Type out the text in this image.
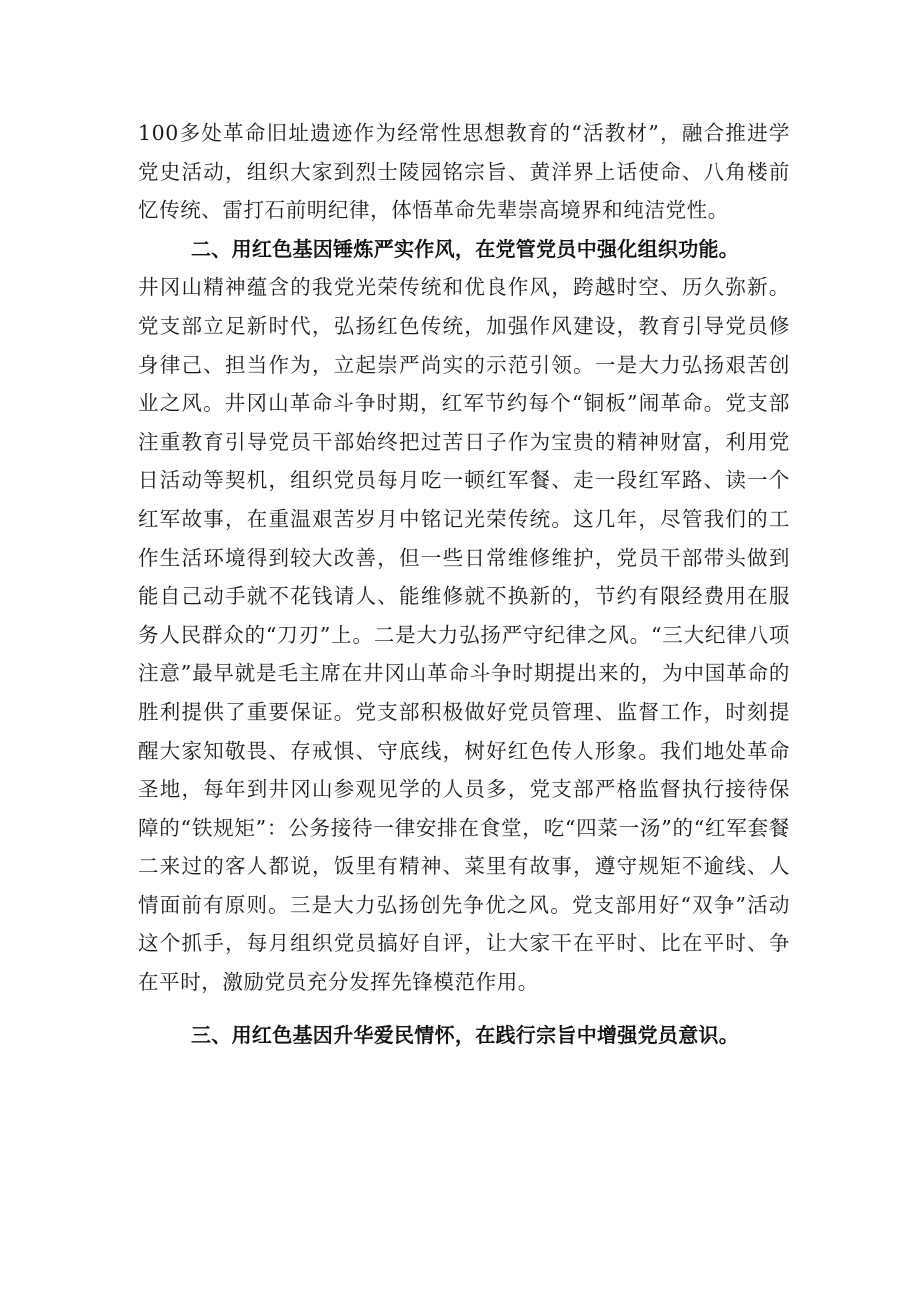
100多处革命旧址遗迹作为经常性思想教育的“活教材”，融合推进学党史活动，组织大家到烈士陵园铭宗旨、黄洋界上话使命、八角楼前忆传统、雷打石前明纪律，体悟革命先辈崇高境界和纯洁党性。

二、用红色基因锤炼严实作风，在党管党员中强化组织功能。

井冈山精神蕴含的我党光荣传统和优良作风，跨越时空、历久弥新。党支部立足新时代，弘扬红色传统，加强作风建设，教育引导党员修身律己、担当作为，立起崇严尚实的示范引领。一是大力弘扬艰苦创业之风。井冈山革命斗争时期，红军节约每个“铜板”闹革命。党支部注重教育引导党员干部始终把过苦日子作为宝贵的精神财富，利用党日活动等契机，组织党员每月吃一顿红军餐、走一段红军路、读一个红军故事，在重温艰苦岁月中铭记光荣传统。这几年，尽管我们的工作生活环境得到较大改善，但一些日常维修维护，党员干部带头做到能自己动手就不花钱请人、能维修就不换新的，节约有限经费用在服务人民群众的“刀刃”上。二是大力弘扬严守纪律之风。“三大纪律八项注意”最早就是毛主席在井冈山革命斗争时期提出来的，为中国革命的胜利提供了重要保证。党支部积极做好党员管理、监督工作，时刻提醒大家知敬畏、存戒惧、守底线，树好红色传人形象。我们地处革命圣地，每年到井冈山参观见学的人员多，党支部严格监督执行接待保障的“铁规矩”：公务接待一律安排在食堂，吃“四菜一汤”的“红军套餐二来过的客人都说，饭里有精神、菜里有故事，遵守规矩不逾线、人情面前有原则。三是大力弘扬创先争优之风。党支部用好“双争”活动这个抓手，每月组织党员搞好自评，让大家干在平时、比在平时、争在平时，激励党员充分发挥先锋模范作用。

三、用红色基因升华爱民情怀，在践行宗旨中增强党员意识。
